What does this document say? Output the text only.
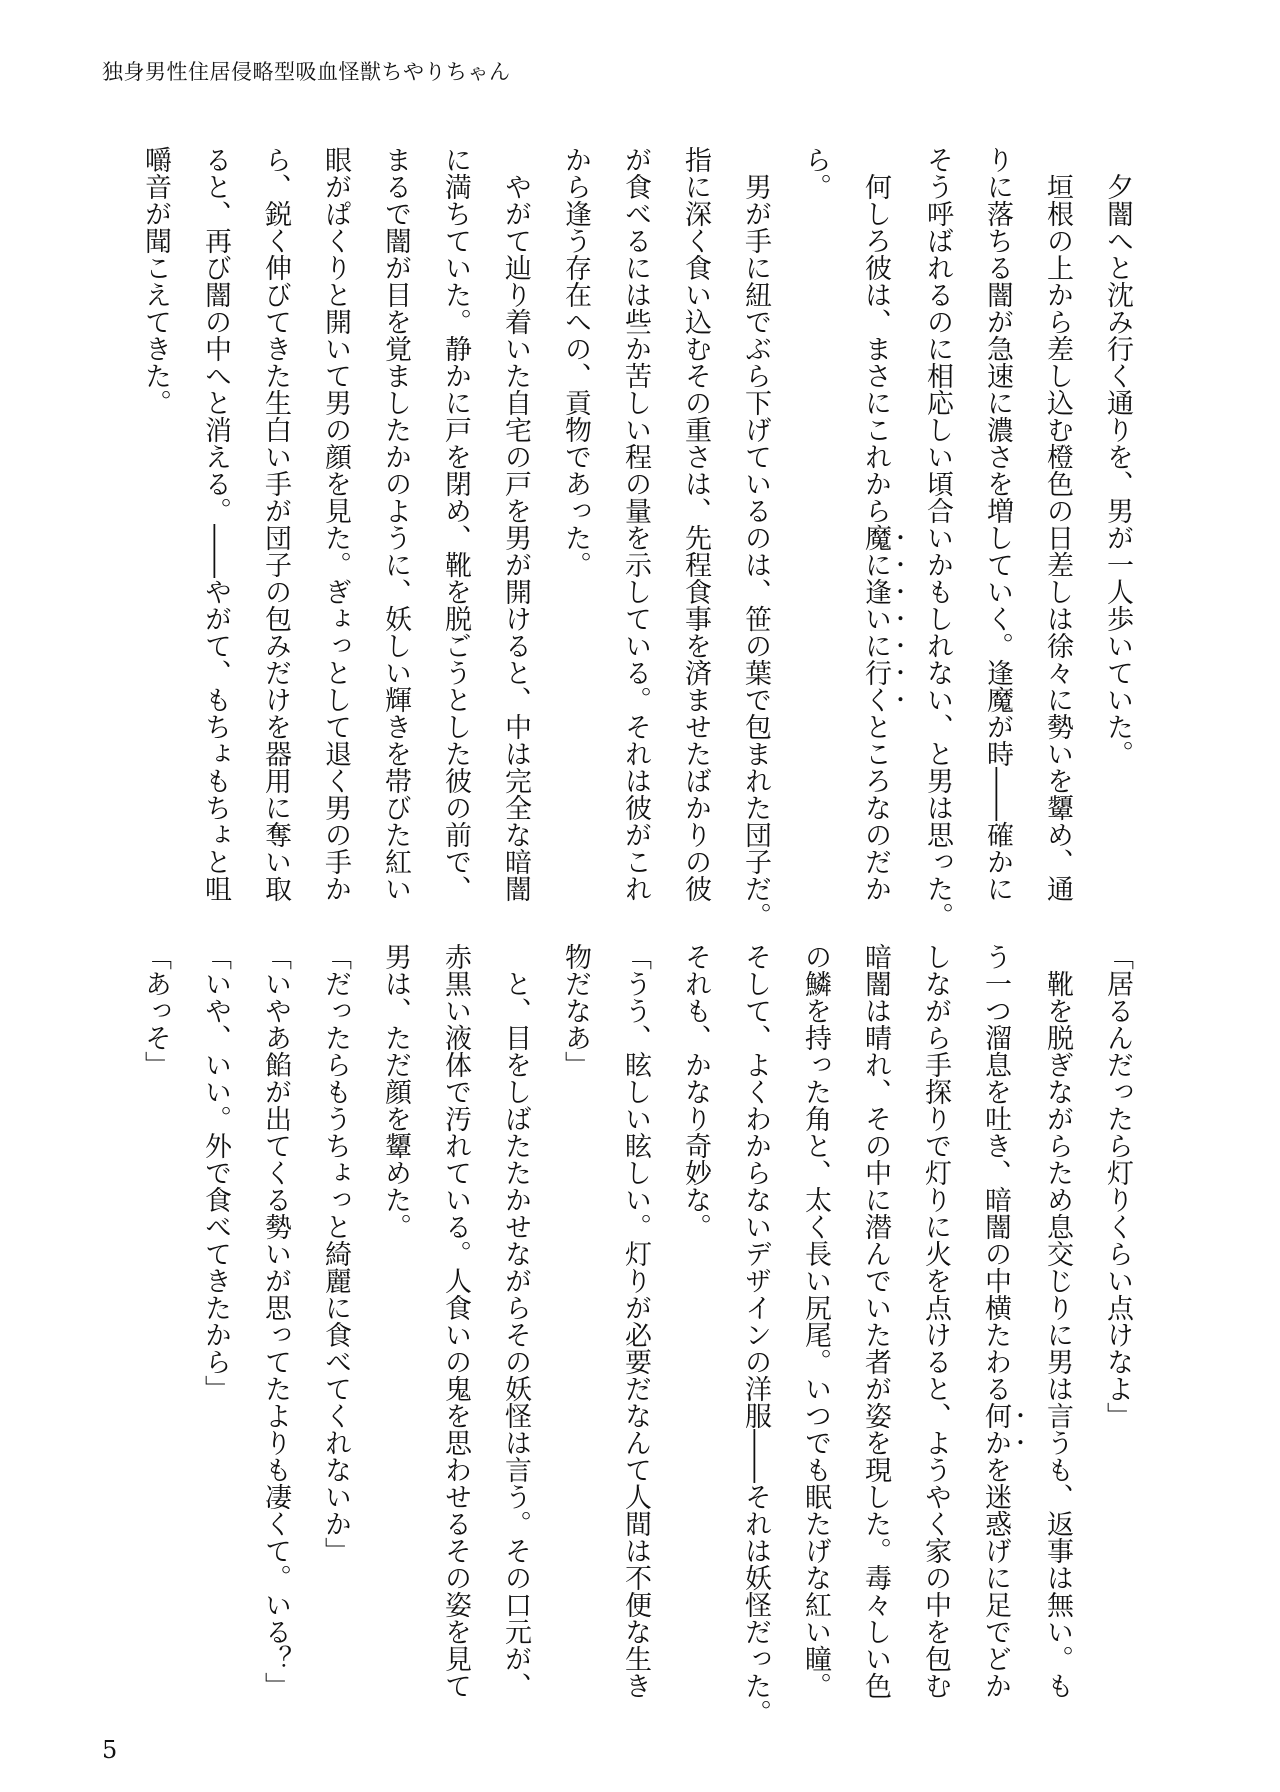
独身男性住居侵略型吸血怪獣ちやりちゃん
　夕闇へと沈み行く通りを、男が一人歩いていた。
　垣根の上から差し込む橙色の日差しは徐々に勢いを顰め、通
りに落ちる闇が急速に濃さを増していく。逢魔が時――確かに
そう呼ばれるのに相応しい頃合いかもしれない、と男は思った。
　何しろ彼は、まさにこれから魔に逢いに行くところなのだか
ら。
　男が手に紐でぶら下げているのは、笹の葉で包まれた団子だ。
指に深く食い込むその重さは、先程食事を済ませたばかりの彼
が食べるには些か苦しい程の量を示している。それは彼がこれ
から逢う存在への、貢物であった。
　やがて辿り着いた自宅の戸を男が開けると、中は完全な暗闇
に満ちていた。静かに戸を閉め、靴を脱ごうとした彼の前で、
まるで闇が目を覚ましたかのように、妖しい輝きを帯びた紅い
眼がぱくりと開いて男の顔を見た。ぎょっとして退く男の手か
ら、鋭く伸びてきた生白い手が団子の包みだけを器用に奪い取
ると、再び闇の中へと消える。――やがて、もちょもちょと咀
嚼音が聞こえてきた。
「居るんだったら灯りくらい点けなよ」
　靴を脱ぎながらため息交じりに男は言うも、返事は無い。も
う一つ溜息を吐き、暗闇の中横たわる何かを迷惑げに足でどか
しながら手探りで灯りに火を点けると、ようやく家の中を包む
暗闇は晴れ、その中に潜んでいた者が姿を現した。毒々しい色
の鱗を持った角と、太く長い尻尾。いつでも眠たげな紅い瞳。
そして、よくわからないデザインの洋服――それは妖怪だった。
それも、かなり奇妙な。
「うう、眩しい眩しい。灯りが必要だなんて人間は不便な生き
物だなあ」
　と、目をしばたたかせながらその妖怪は言う。その口元が、
赤黒い液体で汚れている。人食いの鬼を思わせるその姿を見て
男は、ただ顔を顰めた。
「だったらもうちょっと綺麗に食べてくれないか」
「いやあ餡が出てくる勢いが思ってたよりも凄くて。いる？」
「いや、いい。外で食べてきたから」
「あっそ」
5
